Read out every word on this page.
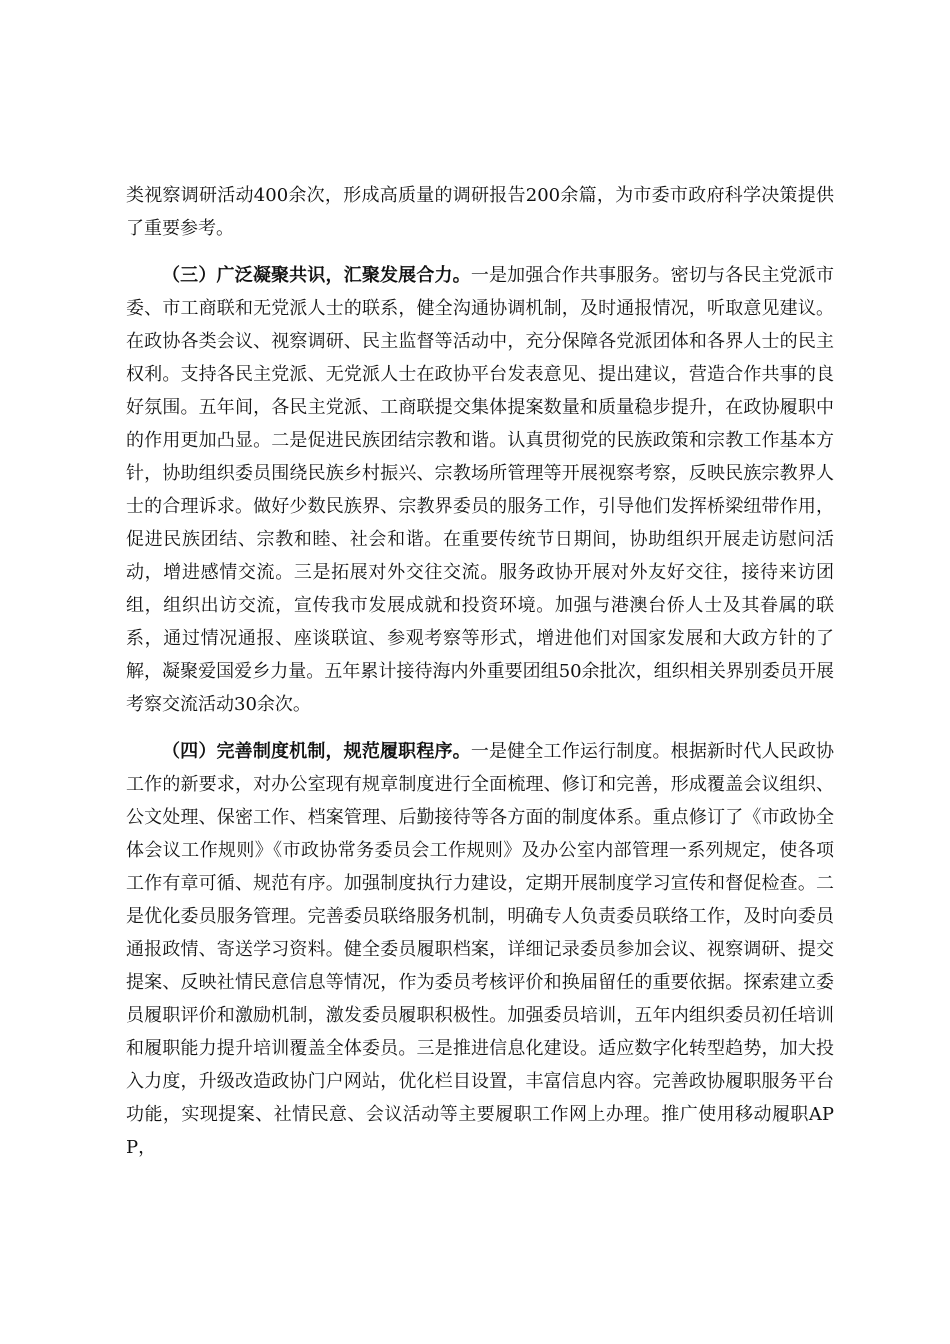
类视察调研活动400余次，形成高质量的调研报告200余篇，为市委市政府科学决策提供了重要参考。

（三）广泛凝聚共识，汇聚发展合力。一是加强合作共事服务。密切与各民主党派市委、市工商联和无党派人士的联系，健全沟通协调机制，及时通报情况，听取意见建议。在政协各类会议、视察调研、民主监督等活动中，充分保障各党派团体和各界人士的民主权利。支持各民主党派、无党派人士在政协平台发表意见、提出建议，营造合作共事的良好氛围。五年间，各民主党派、工商联提交集体提案数量和质量稳步提升，在政协履职中的作用更加凸显。二是促进民族团结宗教和谐。认真贯彻党的民族政策和宗教工作基本方针，协助组织委员围绕民族乡村振兴、宗教场所管理等开展视察考察，反映民族宗教界人士的合理诉求。做好少数民族界、宗教界委员的服务工作，引导他们发挥桥梁纽带作用，促进民族团结、宗教和睦、社会和谐。在重要传统节日期间，协助组织开展走访慰问活动，增进感情交流。三是拓展对外交往交流。服务政协开展对外友好交往，接待来访团组，组织出访交流，宣传我市发展成就和投资环境。加强与港澳台侨人士及其眷属的联系，通过情况通报、座谈联谊、参观考察等形式，增进他们对国家发展和大政方针的了解，凝聚爱国爱乡力量。五年累计接待海内外重要团组50余批次，组织相关界别委员开展考察交流活动30余次。

（四）完善制度机制，规范履职程序。一是健全工作运行制度。根据新时代人民政协工作的新要求，对办公室现有规章制度进行全面梳理、修订和完善，形成覆盖会议组织、公文处理、保密工作、档案管理、后勤接待等各方面的制度体系。重点修订了《市政协全体会议工作规则》《市政协常务委员会工作规则》及办公室内部管理一系列规定，使各项工作有章可循、规范有序。加强制度执行力建设，定期开展制度学习宣传和督促检查。二是优化委员服务管理。完善委员联络服务机制，明确专人负责委员联络工作，及时向委员通报政情、寄送学习资料。健全委员履职档案，详细记录委员参加会议、视察调研、提交提案、反映社情民意信息等情况，作为委员考核评价和换届留任的重要依据。探索建立委员履职评价和激励机制，激发委员履职积极性。加强委员培训，五年内组织委员初任培训和履职能力提升培训覆盖全体委员。三是推进信息化建设。适应数字化转型趋势，加大投入力度，升级改造政协门户网站，优化栏目设置，丰富信息内容。完善政协履职服务平台功能，实现提案、社情民意、会议活动等主要履职工作网上办理。推广使用移动履职APP，
